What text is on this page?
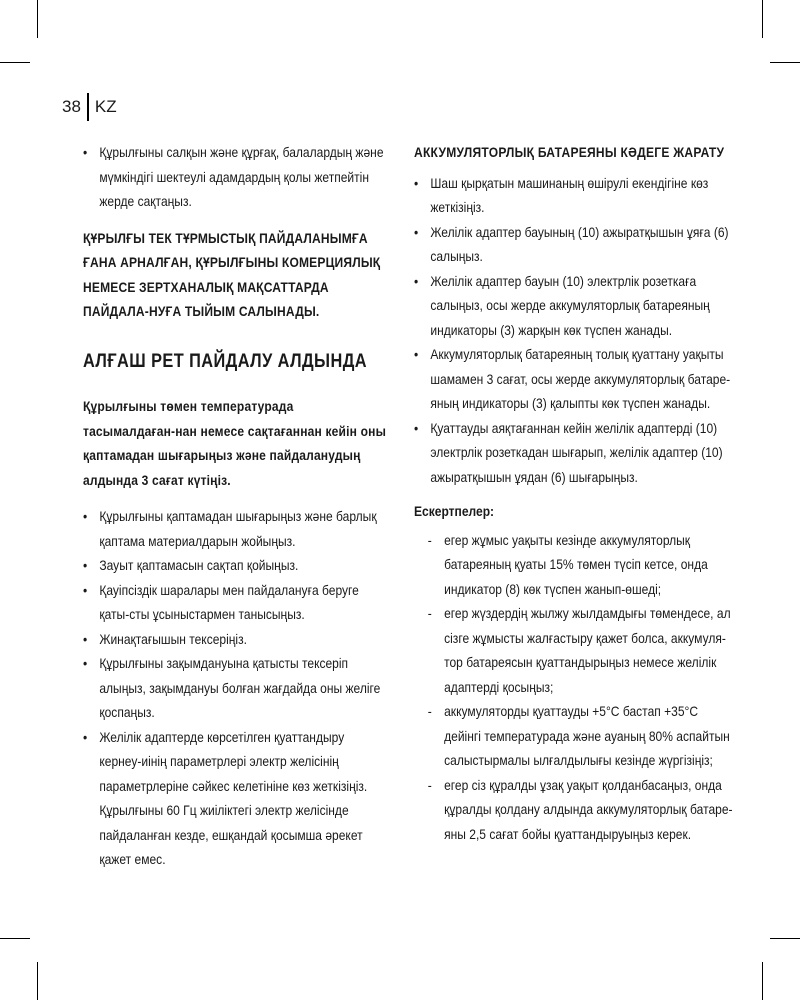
38 KZ
• Құрылғыны салқын және құрғақ, балалардың және мүмкіндігі шектеулі адамдардың қолы жетпейтін жерде сақтаңыз.
ҚҰРЫЛҒЫ ТЕК ТҰРМЫСТЫҚ ПАЙДАЛАНЫМҒА ҒАНА АРНАЛҒАН, ҚҰРЫЛҒЫНЫ КОМЕРЦИЯЛЫҚ НЕМЕСЕ ЗЕРТХАНАЛЫҚ МАҚСАТТАРДА ПАЙДАЛА-НУҒА ТЫЙЫМ САЛЫНАДЫ.
АЛҒАШ РЕТ ПАЙДАЛУ АЛДЫНДА
Құрылғыны төмен температурада тасымалдаған-нан немесе сақтағаннан кейін оны қаптамадан шығарыңыз және пайдаланудың алдында 3 сағат күтіңіз.
• Құрылғыны қаптамадан шығарыңыз және барлық қаптама материалдарын жойыңыз.
• Зауыт қаптамасын сақтап қойыңыз.
• Қауіпсіздік шаралары мен пайдалануға беруге қаты-сты ұсыныстармен танысыңыз.
• Жинақтағышын тексеріңіз.
• Құрылғыны зақымдануына қатысты тексеріп алыңыз, зақымдануы болған жағдайда оны желіге қоспаңыз.
• Желілік адаптерде көрсетілген қуаттандыру кернеу-иінің параметрлері электр желісінің параметрлеріне сәйкес келетініне көз жеткізіңіз. Құрылғыны 60 Гц жиіліктегі электр желісінде пайдаланған кезде, ешқандай қосымша әрекет қажет емес.
АККУМУЛЯТОРЛЫҚ БАТАРЕЯНЫ КӘДЕГЕ ЖАРАТУ
• Шаш қырқатын машинаның өшірулі екендігіне көз жеткізіңіз.
• Желілік адаптер бауының (10) ажыратқышын ұяға (6) салыңыз.
• Желілік адаптер бауын (10) электрлік розеткаға салыңыз, осы жерде аккумуляторлық батареяның индикаторы (3) жарқын көк түспен жанады.
• Аккумуляторлық батареяның толық қуаттану уақыты шамамен 3 сағат, осы жерде аккумуляторлық батаре-яның индикаторы (3) қалыпты көк түспен жанады.
• Қуаттауды аяқтағаннан кейін желілік адаптерді (10) электрлік розеткадан шығарып, желілік адаптер (10) ажыратқышын ұядан (6) шығарыңыз.
Ескертпелер:
- егер жұмыс уақыты кезінде аккумуляторлық батареяның қуаты 15% төмен түсіп кетсе, онда индикатор (8) көк түспен жанып-өшеді;
- егер жүздердің жылжу жылдамдығы төмендесе, ал сізге жұмысты жалғастыру қажет болса, аккумуля-тор батареясын қуаттандырыңыз немесе желілік адаптерді қосыңыз;
- аккумуляторды қуаттауды +5°С бастап +35°С дейінгі температурада және ауаның 80% аспайтын салыстырмалы ылғалдылығы кезінде жүргізіңіз;
- егер сіз құралды ұзақ уақыт қолданбасаңыз, онда құралды қолдану алдында аккумуляторлық батаре-яны 2,5 сағат бойы қуаттандыруыңыз керек.
